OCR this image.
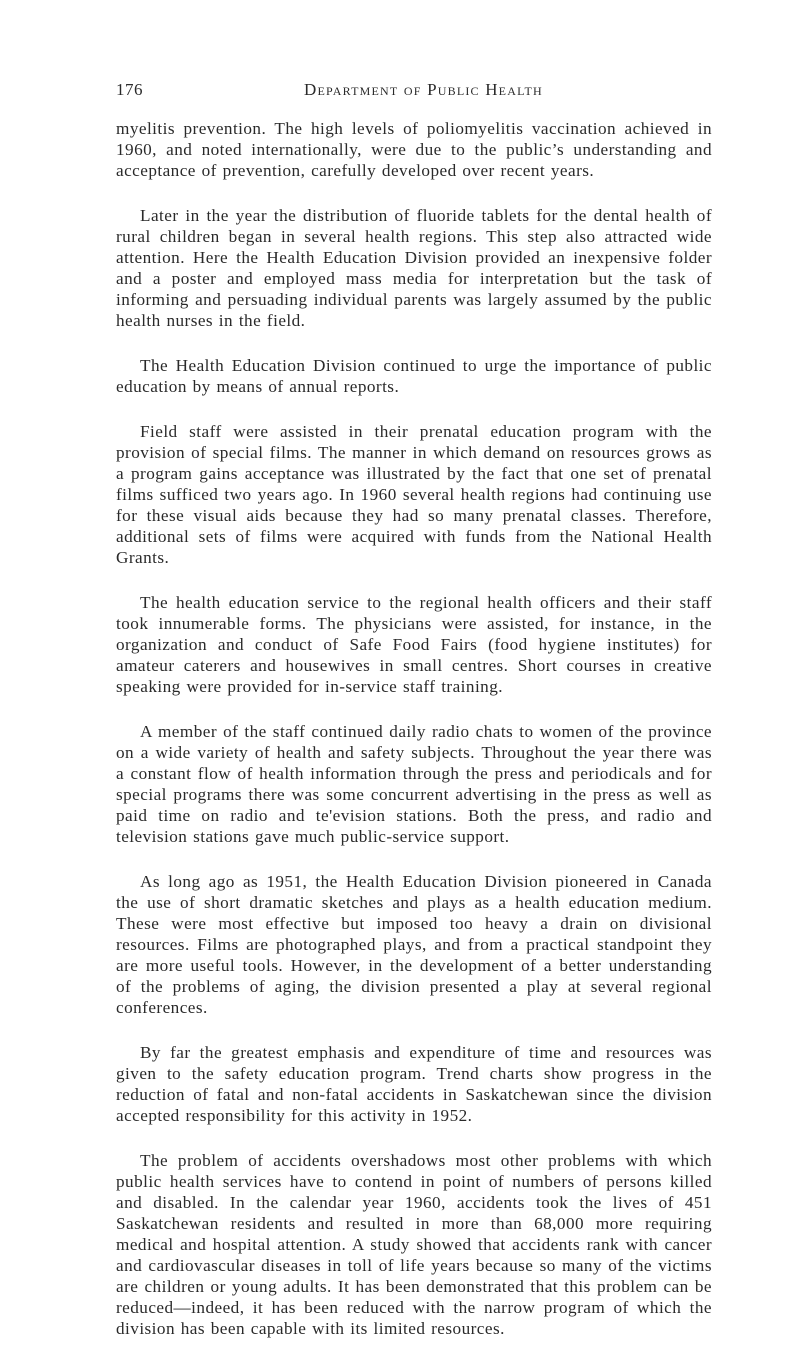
176	Department of Public Health

myelitis prevention. The high levels of poliomyelitis vaccination achieved in 1960, and noted internationally, were due to the public’s understanding and acceptance of prevention, carefully developed over recent years.

Later in the year the distribution of fluoride tablets for the dental health of rural children began in several health regions. This step also attracted wide attention. Here the Health Education Division provided an inexpensive folder and a poster and employed mass media for interpretation but the task of informing and persuading individual parents was largely assumed by the public health nurses in the field.

The Health Education Division continued to urge the importance of public education by means of annual reports.

Field staff were assisted in their prenatal education program with the provision of special films. The manner in which demand on resources grows as a program gains acceptance was illustrated by the fact that one set of prenatal films sufficed two years ago. In 1960 several health regions had continuing use for these visual aids because they had so many prenatal classes. Therefore, additional sets of films were acquired with funds from the National Health Grants.

The health education service to the regional health officers and their staff took innumerable forms. The physicians were assisted, for instance, in the organization and conduct of Safe Food Fairs (food hygiene institutes) for amateur caterers and housewives in small centres. Short courses in creative speaking were provided for in-service staff training.

A member of the staff continued daily radio chats to women of the province on a wide variety of health and safety subjects. Throughout the year there was a constant flow of health information through the press and periodicals and for special programs there was some concurrent advertising in the press as well as paid time on radio and te'evision stations. Both the press, and radio and television stations gave much public-service support.

As long ago as 1951, the Health Education Division pioneered in Canada the use of short dramatic sketches and plays as a health education medium. These were most effective but imposed too heavy a drain on divisional resources. Films are photographed plays, and from a practical standpoint they are more useful tools. However, in the development of a better understanding of the problems of aging, the division presented a play at several regional conferences.

By far the greatest emphasis and expenditure of time and resources was given to the safety education program. Trend charts show progress in the reduction of fatal and non-fatal accidents in Saskatchewan since the division accepted responsibility for this activity in 1952.

The problem of accidents overshadows most other problems with which public health services have to contend in point of numbers of persons killed and disabled. In the calendar year 1960, accidents took the lives of 451 Saskatchewan residents and resulted in more than 68,000 more requiring medical and hospital attention. A study showed that accidents rank with cancer and cardiovascular diseases in toll of life years because so many of the victims are children or young adults. It has been demonstrated that this problem can be reduced—indeed, it has been reduced with the narrow program of which the division has been capable with its limited resources.
